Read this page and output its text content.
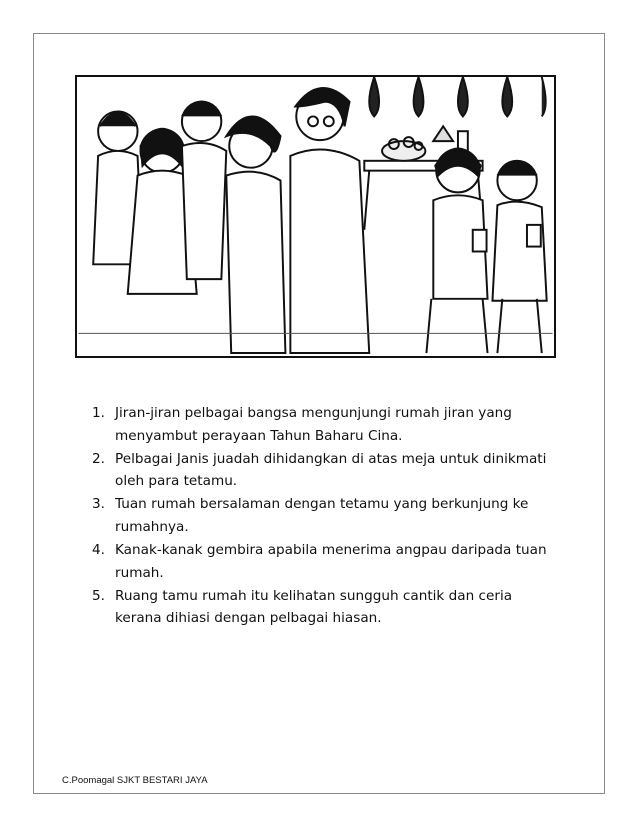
1. Jiran-jiran pelbagai bangsa mengunjungi rumah jiran yang menyambut perayaan Tahun Baharu Cina.
2. Pelbagai Janis juadah dihidangkan di atas meja untuk dinikmati oleh para tetamu.
3. Tuan rumah bersalaman dengan tetamu yang berkunjung ke rumahnya.
4. Kanak-kanak gembira apabila menerima angpau daripada tuan rumah.
5. Ruang tamu rumah itu kelihatan sungguh cantik dan ceria kerana dihiasi dengan pelbagai hiasan.
C.Poomagal SJKT BESTARI JAYA
